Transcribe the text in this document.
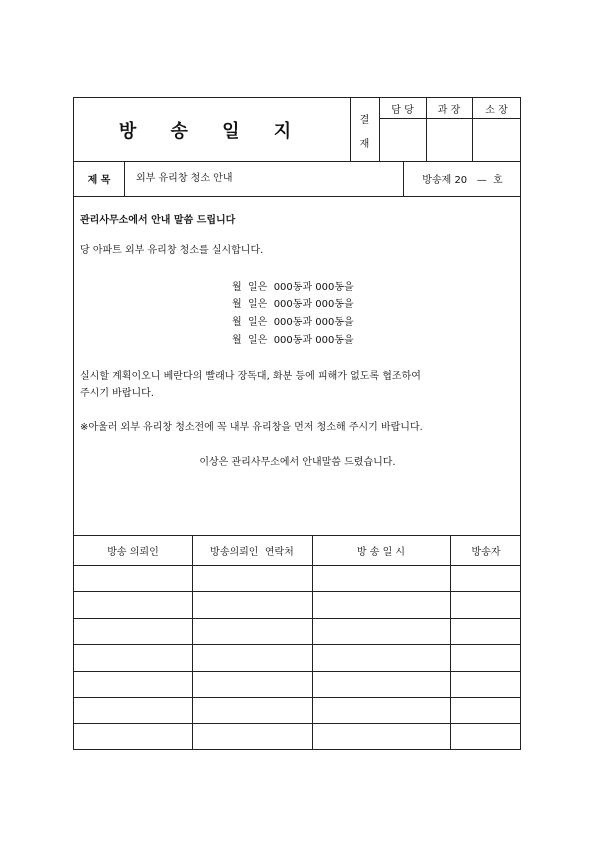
방 송 일 지
결
재
담 당	과 장	소 장
제 목	외부 유리창 청소 안내	방송제 20   —  호
관리사무소에서 안내 말씀 드립니다
당 아파트 외부 유리창 청소를 실시합니다.
월  일은  000동과 000동을
월  일은  000동과 000동을
월  일은  000동과 000동을
월  일은  000동과 000동을
실시할 계획이오니 베란다의 빨래나 장독대, 화분 등에 피해가 없도록 협조하여
주시기 바랍니다.
※아울러 외부 유리창 청소전에 꼭 내부 유리창을 먼저 청소해 주시기 바랍니다.
이상은 관리사무소에서 안내말씀 드렸습니다.
방송 의뢰인	방송의뢰인  연락처	방 송 일 시	방송자
